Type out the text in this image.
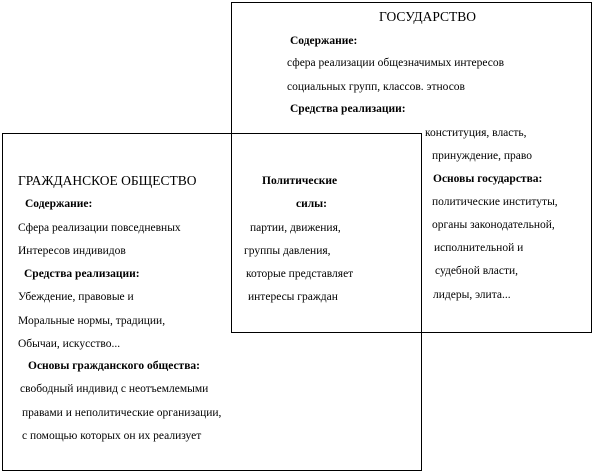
ГОСУДАРСТВО
Содержание:
сфера реализации общезначимых интересов
социальных групп, классов. этносов
Средства реализации:
конституция, власть,
принуждение, право
Основы государства:
политические институты,
органы законодательной,
исполнительной и
судебной власти,
лидеры, элита...
Политические
силы:
партии, движения,
группы давления,
которые представляет
интересы граждан
ГРАЖДАНСКОЕ ОБЩЕСТВО
Содержание:
Сфера реализации повседневных
Интересов индивидов
Средства реализации:
Убеждение, правовые и
Моральные нормы, традиции,
Обычаи, искусство...
Основы гражданского общества:
свободный индивид с неотъемлемыми
правами и неполитические организации,
с помощью которых он их реализует
